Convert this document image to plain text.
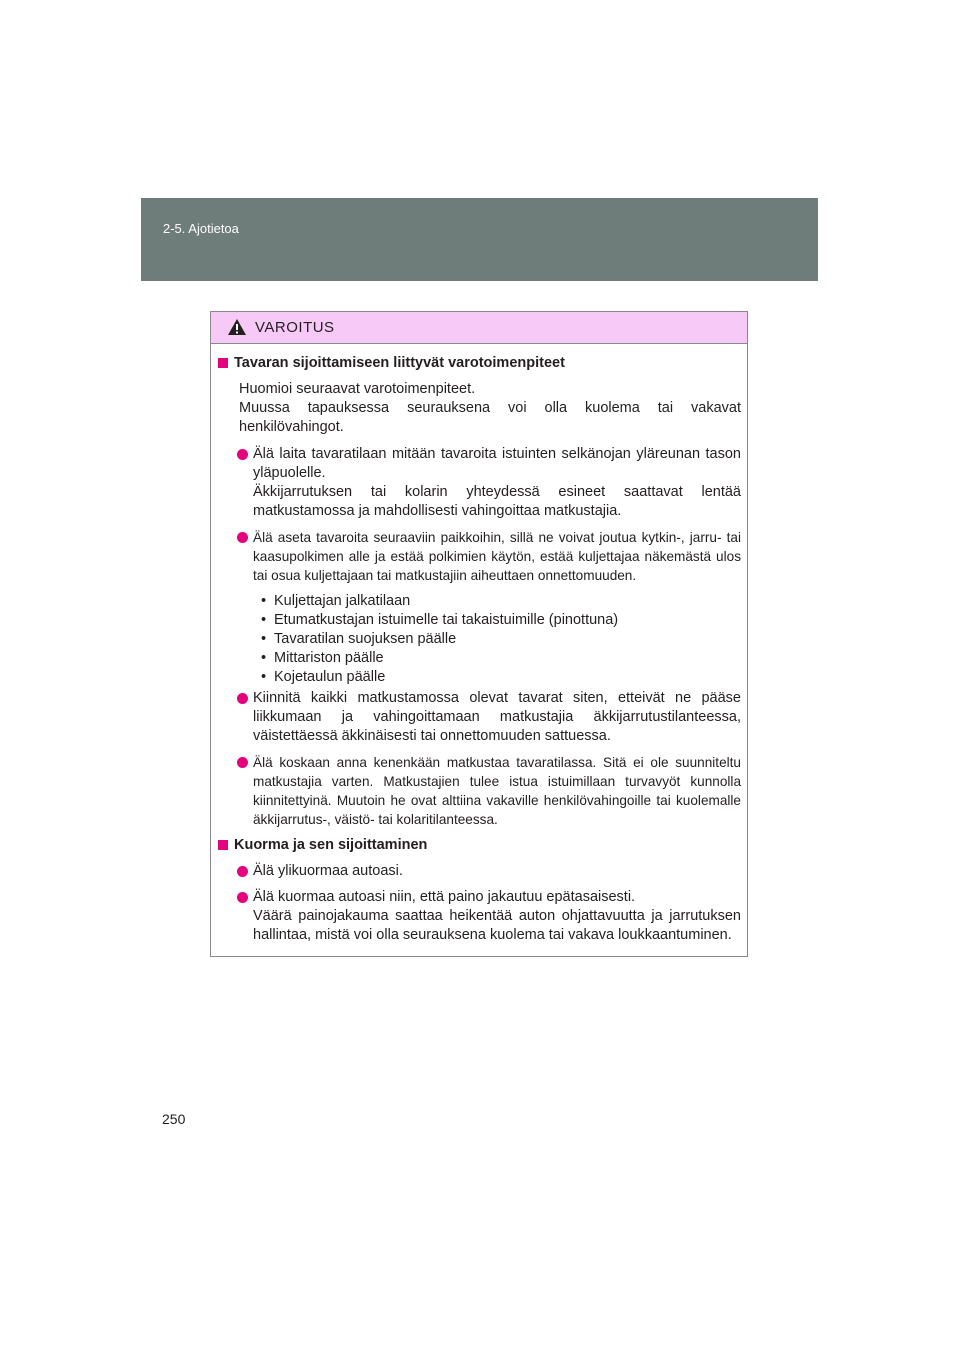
2-5. Ajotietoa
VAROITUS
Tavaran sijoittamiseen liittyvät varotoimenpiteet
Huomioi seuraavat varotoimenpiteet.
Muussa tapauksessa seurauksena voi olla kuolema tai vakavat henkilövahingot.
Älä laita tavaratilaan mitään tavaroita istuinten selkänojan yläreunan tason yläpuolelle.
Äkkijarrutuksen tai kolarin yhteydessä esineet saattavat lentää matkustamossa ja mahdollisesti vahingoittaa matkustajia.
Älä aseta tavaroita seuraaviin paikkoihin, sillä ne voivat joutua kytkin-, jarru- tai kaasupolkimen alle ja estää polkimien käytön, estää kuljettajaa näkemästä ulos tai osua kuljettajaan tai matkustajiin aiheuttaen onnettomuuden.
• Kuljettajan jalkatilaan
• Etumatkustajan istuimelle tai takaistuimille (pinottuna)
• Tavaratilan suojuksen päälle
• Mittariston päälle
• Kojetaulun päälle
Kiinnitä kaikki matkustamossa olevat tavarat siten, etteivät ne pääse liikkumaan ja vahingoittamaan matkustajia äkkijarrutustilanteessa, väistettäessä äkkinäisesti tai onnettomuuden sattuessa.
Älä koskaan anna kenenkään matkustaa tavaratilassa. Sitä ei ole suunniteltu matkustajia varten. Matkustajien tulee istua istuimillaan turvavyöt kunnolla kiinnitettyinä. Muutoin he ovat alttiina vakaville henkilövahingoille tai kuolemalle äkkijarrutus-, väistö- tai kolaritilanteessa.
Kuorma ja sen sijoittaminen
Älä ylikuormaa autoasi.
Älä kuormaa autoasi niin, että paino jakautuu epätasaisesti.
Väärä painojakauma saattaa heikentää auton ohjattavuutta ja jarrutuksen hallintaa, mistä voi olla seurauksena kuolema tai vakava loukkaantuminen.
250
